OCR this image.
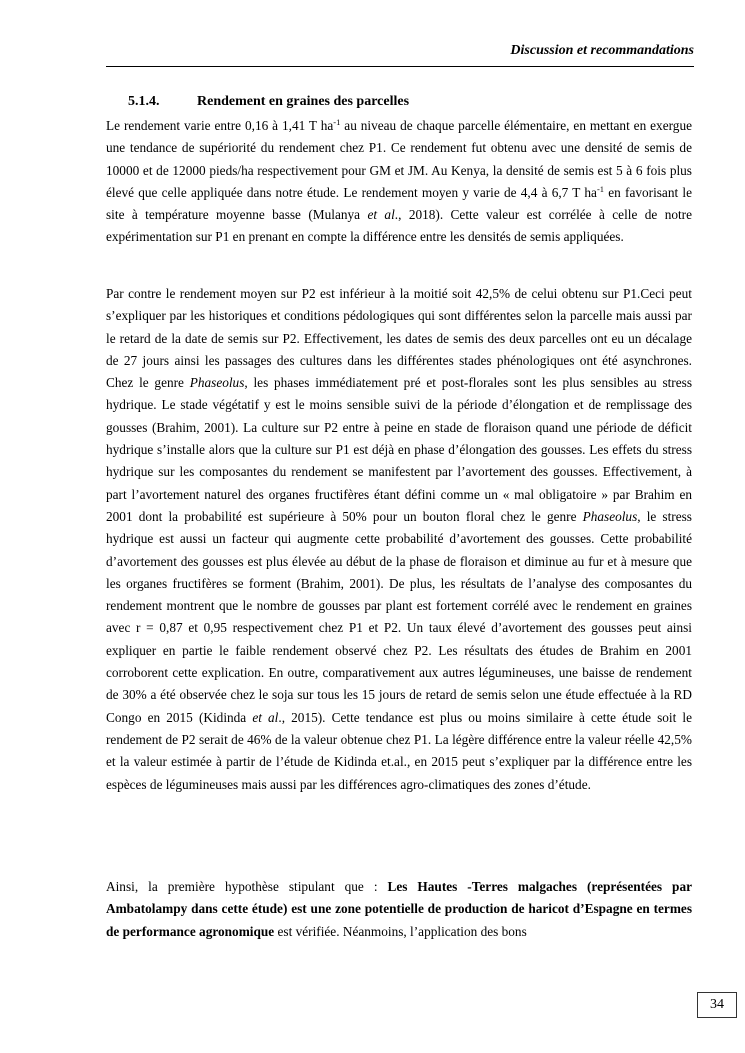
Discussion et recommandations
5.1.4.	Rendement en graines des parcelles

Le rendement varie entre 0,16 à 1,41 T $ha^{-1}$ au niveau de chaque parcelle élémentaire, en mettant en exergue une tendance de supériorité du rendement chez P1. Ce rendement fut obtenu avec une densité de semis de 10000 et de 12000 pieds/ha respectivement pour GM et JM. Au Kenya, la densité de semis est 5 à 6 fois plus élevé que celle appliquée dans notre étude. Le rendement moyen y varie de 4,4 à 6,7 T $ha^{-1}$ en favorisant le site à température moyenne basse (Mulanya et al., 2018). Cette valeur est corrélée à celle de notre expérimentation sur P1 en prenant en compte la différence entre les densités de semis appliquées.

Par contre le rendement moyen sur P2 est inférieur à la moitié soit 42,5% de celui obtenu sur P1.Ceci peut s’expliquer par les historiques et conditions pédologiques qui sont différentes selon la parcelle mais aussi par le retard de la date de semis sur P2. Effectivement, les dates de semis des deux parcelles ont eu un décalage de 27 jours ainsi les passages des cultures dans les différentes stades phénologiques ont été asynchrones. Chez le genre Phaseolus, les phases immédiatement pré et post-florales sont les plus sensibles au stress hydrique. Le stade végétatif y est le moins sensible suivi de la période d’élongation et de remplissage des gousses (Brahim, 2001). La culture sur P2 entre à peine en stade de floraison quand une période de déficit hydrique s’installe alors que la culture sur P1 est déjà en phase d’élongation des gousses. Les effets du stress hydrique sur les composantes du rendement se manifestent par l’avortement des gousses. Effectivement, à part l’avortement naturel des organes fructifères étant défini comme un « mal obligatoire » par Brahim en 2001 dont la probabilité est supérieure à 50% pour un bouton floral chez le genre Phaseolus, le stress hydrique est aussi un facteur qui augmente cette probabilité d’avortement des gousses. Cette probabilité d’avortement des gousses est plus élevée au début de la phase de floraison et diminue au fur et à mesure que les organes fructifères se forment (Brahim, 2001). De plus, les résultats de l’analyse des composantes du rendement montrent que le nombre de gousses par plant est fortement corrélé avec le rendement en graines avec r = 0,87 et 0,95 respectivement chez P1 et P2. Un taux élevé d’avortement des gousses peut ainsi expliquer en partie le faible rendement observé chez P2. Les résultats des études de Brahim en 2001 corroborent cette explication. En outre, comparativement aux autres légumineuses, une baisse de rendement de 30% a été observée chez le soja sur tous les 15 jours de retard de semis selon une étude effectuée à la RD Congo en 2015 (Kidinda et al., 2015). Cette tendance est plus ou moins similaire à cette étude soit le rendement de P2 serait de 46% de la valeur obtenue chez P1. La légère différence entre la valeur réelle 42,5% et la valeur estimée à partir de l’étude de Kidinda et.al., en 2015 peut s’expliquer par la différence entre les espèces de légumineuses mais aussi par les différences agro-climatiques des zones d’étude.

Ainsi, la première hypothèse stipulant que : Les Hautes -Terres malgaches (représentées par Ambatolampy dans cette étude) est une zone potentielle de production de haricot d’Espagne en termes de performance agronomique est vérifiée. Néanmoins, l’application des bons

34
